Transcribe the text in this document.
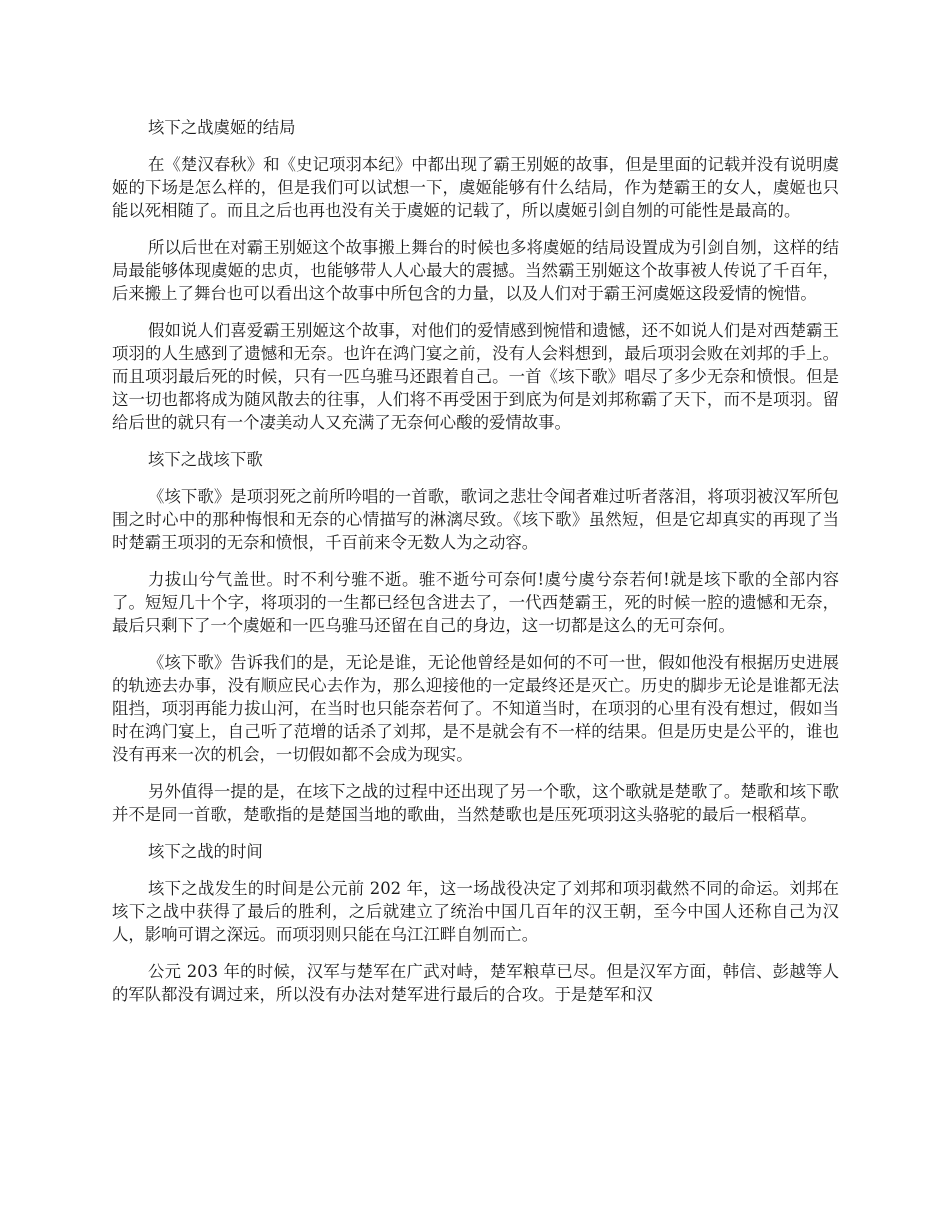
垓下之战虞姬的结局

在《楚汉春秋》和《史记项羽本纪》中都出现了霸王别姬的故事，但是里面的记载并没有说明虞姬的下场是怎么样的，但是我们可以试想一下，虞姬能够有什么结局，作为楚霸王的女人，虞姬也只能以死相随了。而且之后也再也没有关于虞姬的记载了，所以虞姬引剑自刎的可能性是最高的。

所以后世在对霸王别姬这个故事搬上舞台的时候也多将虞姬的结局设置成为引剑自刎，这样的结局最能够体现虞姬的忠贞，也能够带人人心最大的震撼。当然霸王别姬这个故事被人传说了千百年，后来搬上了舞台也可以看出这个故事中所包含的力量，以及人们对于霸王河虞姬这段爱情的惋惜。

假如说人们喜爱霸王别姬这个故事，对他们的爱情感到惋惜和遗憾，还不如说人们是对西楚霸王项羽的人生感到了遗憾和无奈。也许在鸿门宴之前，没有人会料想到，最后项羽会败在刘邦的手上。而且项羽最后死的时候，只有一匹乌骓马还跟着自己。一首《垓下歌》唱尽了多少无奈和愤恨。但是这一切也都将成为随风散去的往事，人们将不再受困于到底为何是刘邦称霸了天下，而不是项羽。留给后世的就只有一个凄美动人又充满了无奈何心酸的爱情故事。

垓下之战垓下歌

《垓下歌》是项羽死之前所吟唱的一首歌，歌词之悲壮令闻者难过听者落泪，将项羽被汉军所包围之时心中的那种悔恨和无奈的心情描写的淋漓尽致。《垓下歌》虽然短，但是它却真实的再现了当时楚霸王项羽的无奈和愤恨，千百前来令无数人为之动容。

力拔山兮气盖世。时不利兮骓不逝。骓不逝兮可奈何!虞兮虞兮奈若何!就是垓下歌的全部内容了。短短几十个字，将项羽的一生都已经包含进去了，一代西楚霸王，死的时候一腔的遗憾和无奈，最后只剩下了一个虞姬和一匹乌骓马还留在自己的身边，这一切都是这么的无可奈何。

《垓下歌》告诉我们的是，无论是谁，无论他曾经是如何的不可一世，假如他没有根据历史进展的轨迹去办事，没有顺应民心去作为，那么迎接他的一定最终还是灭亡。历史的脚步无论是谁都无法阻挡，项羽再能力拔山河，在当时也只能奈若何了。不知道当时，在项羽的心里有没有想过，假如当时在鸿门宴上，自己听了范增的话杀了刘邦，是不是就会有不一样的结果。但是历史是公平的，谁也没有再来一次的机会，一切假如都不会成为现实。

另外值得一提的是，在垓下之战的过程中还出现了另一个歌，这个歌就是楚歌了。楚歌和垓下歌并不是同一首歌，楚歌指的是楚国当地的歌曲，当然楚歌也是压死项羽这头骆驼的最后一根稻草。

垓下之战的时间

垓下之战发生的时间是公元前 202 年，这一场战役决定了刘邦和项羽截然不同的命运。刘邦在垓下之战中获得了最后的胜利，之后就建立了统治中国几百年的汉王朝，至今中国人还称自己为汉人，影响可谓之深远。而项羽则只能在乌江江畔自刎而亡。

公元 203 年的时候，汉军与楚军在广武对峙，楚军粮草已尽。但是汉军方面，韩信、彭越等人的军队都没有调过来，所以没有办法对楚军进行最后的合攻。于是楚军和汉
